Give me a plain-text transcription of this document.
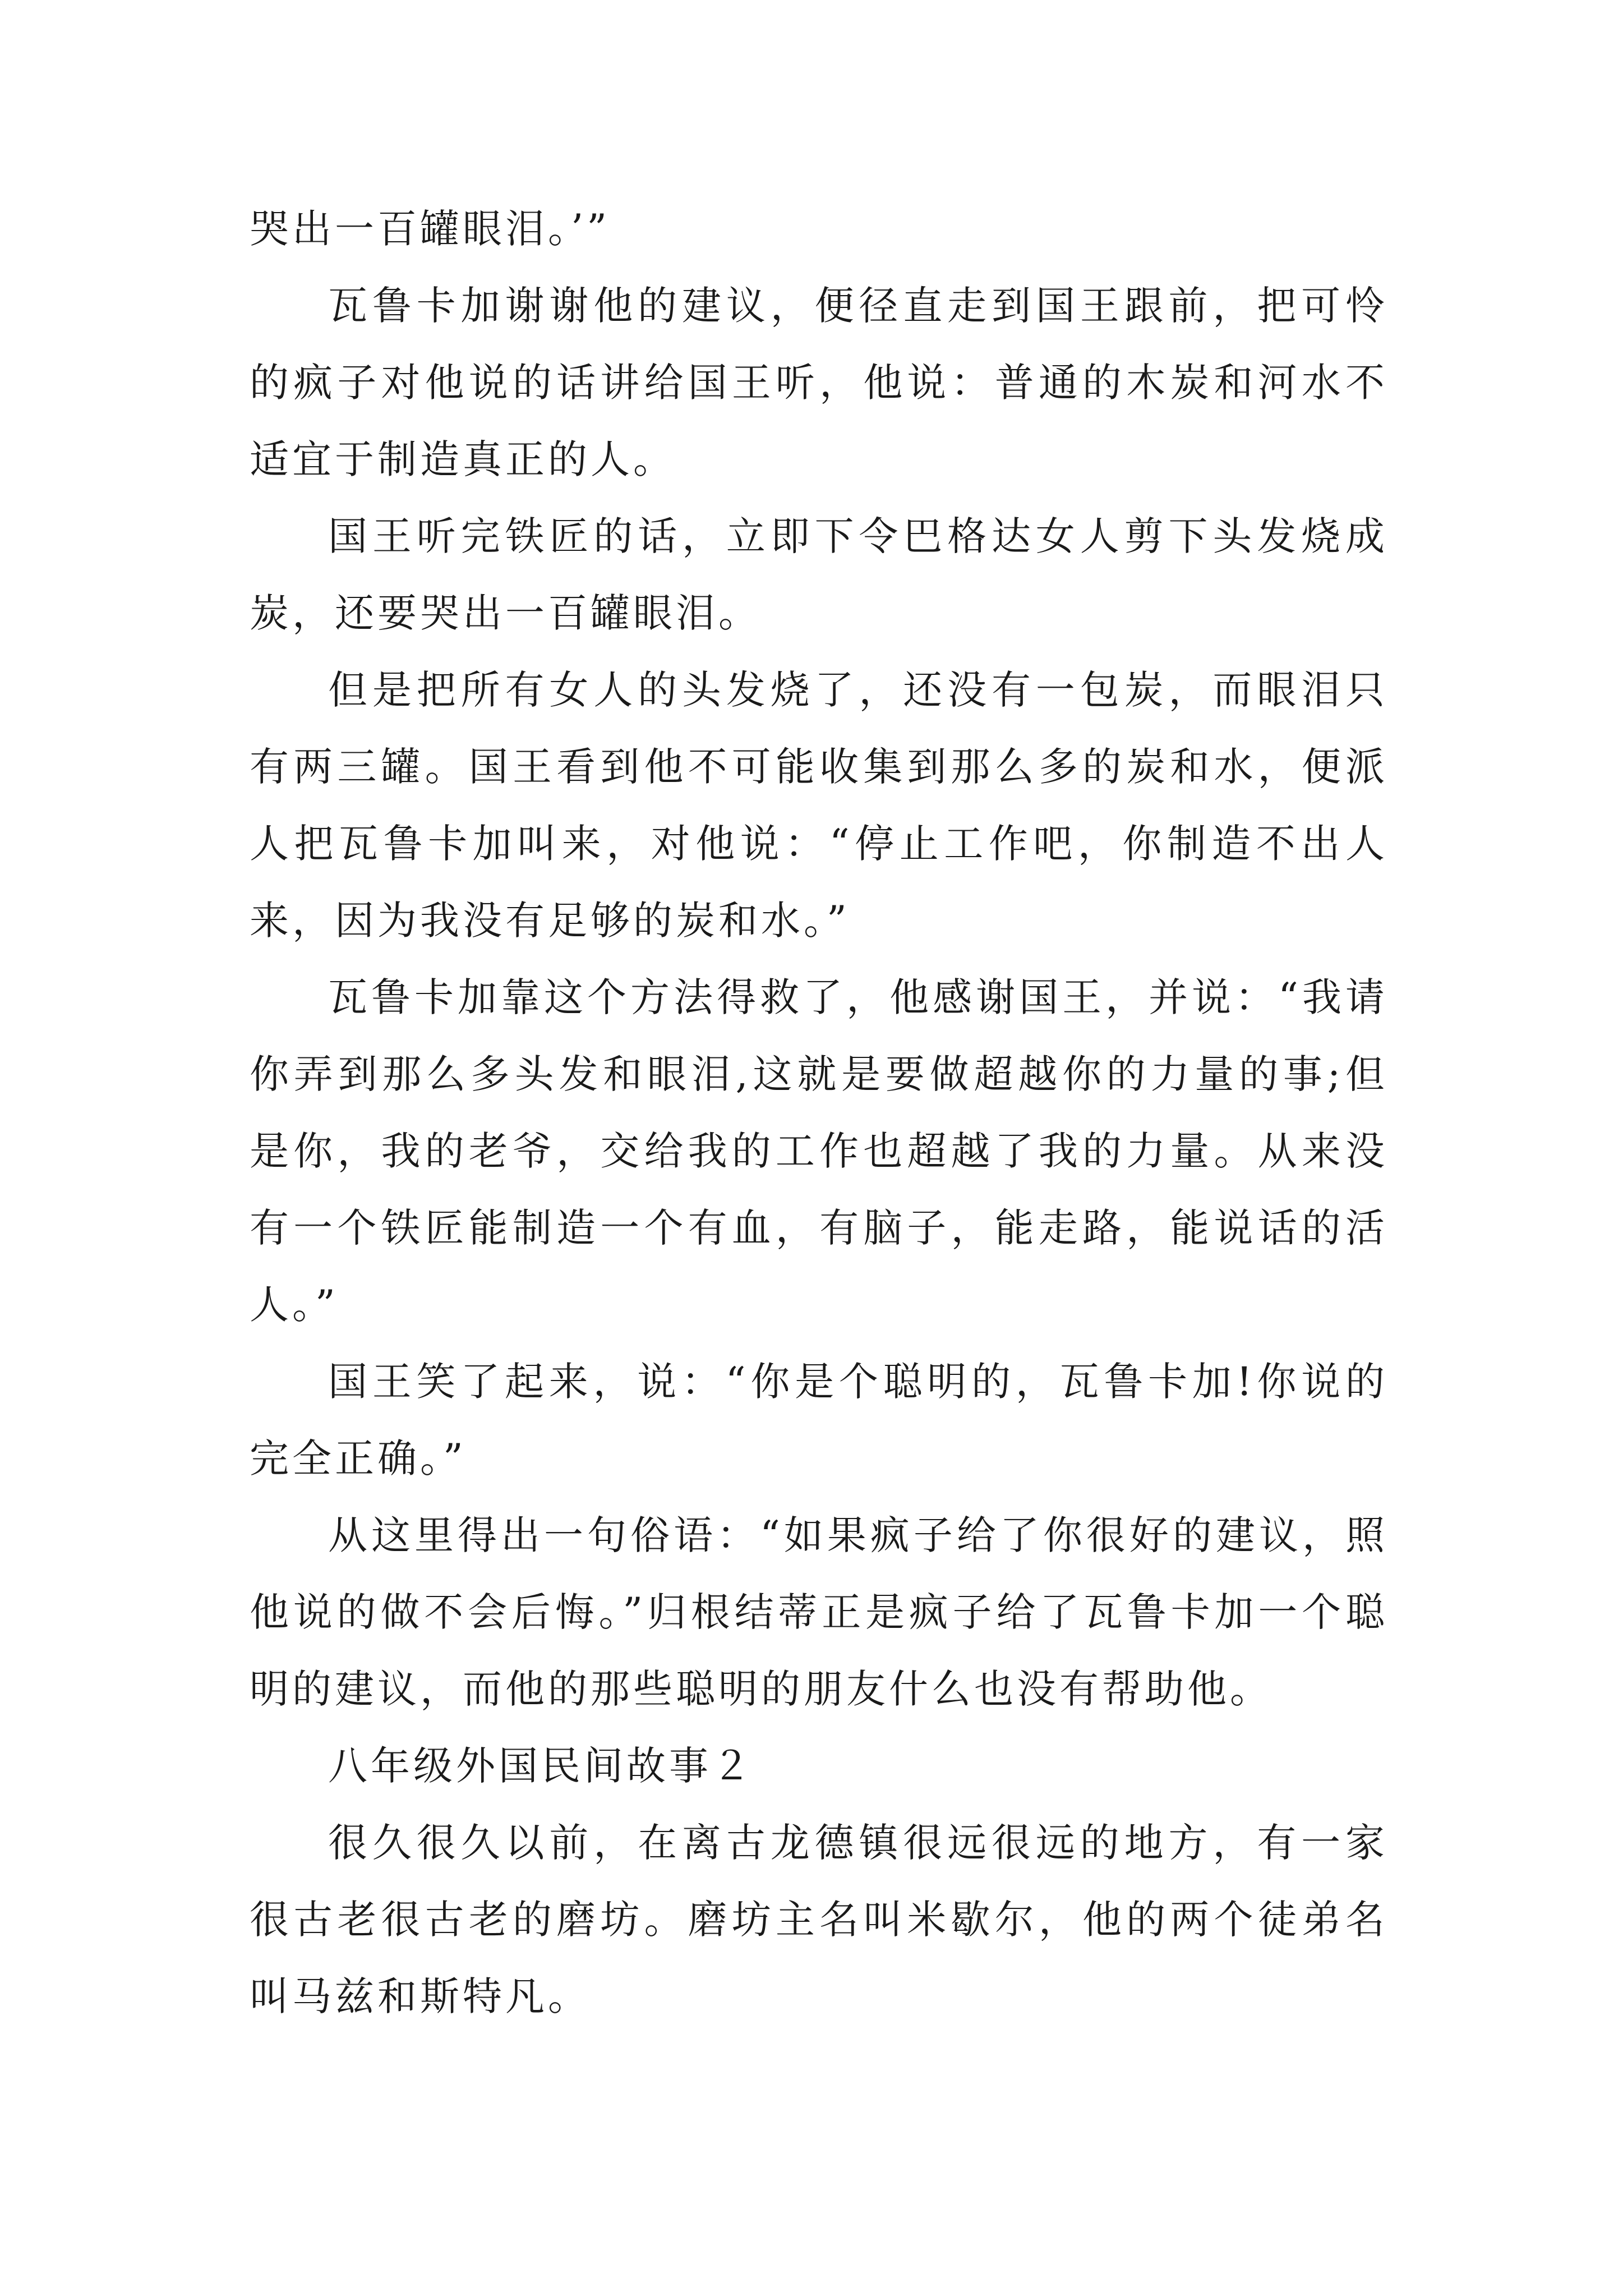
哭出一百罐眼泪。’”

瓦鲁卡加谢谢他的建议，便径直走到国王跟前，把可怜的疯子对他说的话讲给国王听，他说：普通的木炭和河水不适宜于制造真正的人。

国王听完铁匠的话，立即下令巴格达女人剪下头发烧成炭，还要哭出一百罐眼泪。

但是把所有女人的头发烧了，还没有一包炭，而眼泪只有两三罐。国王看到他不可能收集到那么多的炭和水，便派人把瓦鲁卡加叫来，对他说：“停止工作吧，你制造不出人来，因为我没有足够的炭和水。”

瓦鲁卡加靠这个方法得救了，他感谢国王，并说：“我请你弄到那么多头发和眼泪,这就是要做超越你的力量的事;但是你，我的老爷，交给我的工作也超越了我的力量。从来没有一个铁匠能制造一个有血，有脑子，能走路，能说话的活人。”

国王笑了起来，说：“你是个聪明的，瓦鲁卡加!你说的完全正确。”

从这里得出一句俗语：“如果疯子给了你很好的建议，照他说的做不会后悔。”归根结蒂正是疯子给了瓦鲁卡加一个聪明的建议，而他的那些聪明的朋友什么也没有帮助他。

八年级外国民间故事２

很久很久以前，在离古龙德镇很远很远的地方，有一家很古老很古老的磨坊。磨坊主名叫米歇尔，他的两个徒弟名叫马兹和斯特凡。
